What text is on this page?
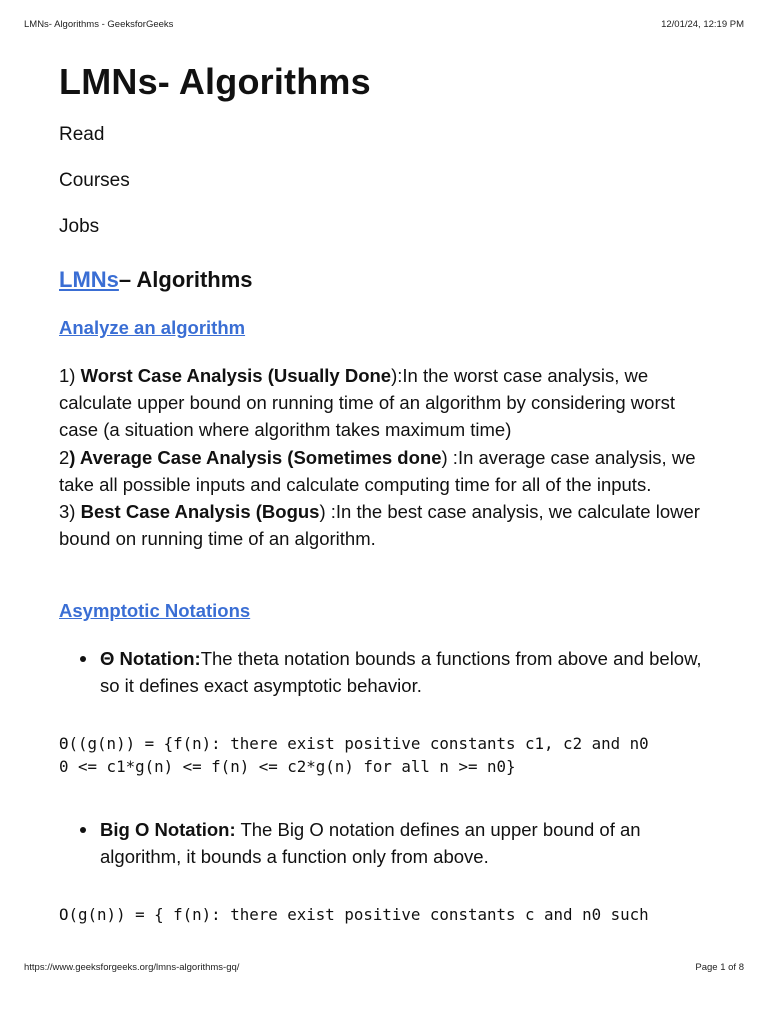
LMNs- Algorithms - GeeksforGeeks	12/01/24, 12:19 PM
LMNs- Algorithms

Read

Courses

Jobs

LMNs– Algorithms
Analyze an algorithm

1) Worst Case Analysis (Usually Done):In the worst case analysis, we calculate upper bound on running time of an algorithm by considering worst case (a situation where algorithm takes maximum time)
2) Average Case Analysis (Sometimes done) :In average case analysis, we take all possible inputs and calculate computing time for all of the inputs.
3) Best Case Analysis (Bogus) :In the best case analysis, we calculate lower bound on running time of an algorithm.

Asymptotic Notations
Θ Notation:The theta notation bounds a functions from above and below, so it defines exact asymptotic behavior.
Θ((g(n)) = {f(n): there exist positive constants c1, c2 and n0
0 <= c1*g(n) <= f(n) <= c2*g(n) for all n >= n0}
Big O Notation: The Big O notation defines an upper bound of an algorithm, it bounds a function only from above.
O(g(n)) = { f(n): there exist positive constants c and n0 such
https://www.geeksforgeeks.org/lmns-algorithms-gq/	Page 1 of 8
